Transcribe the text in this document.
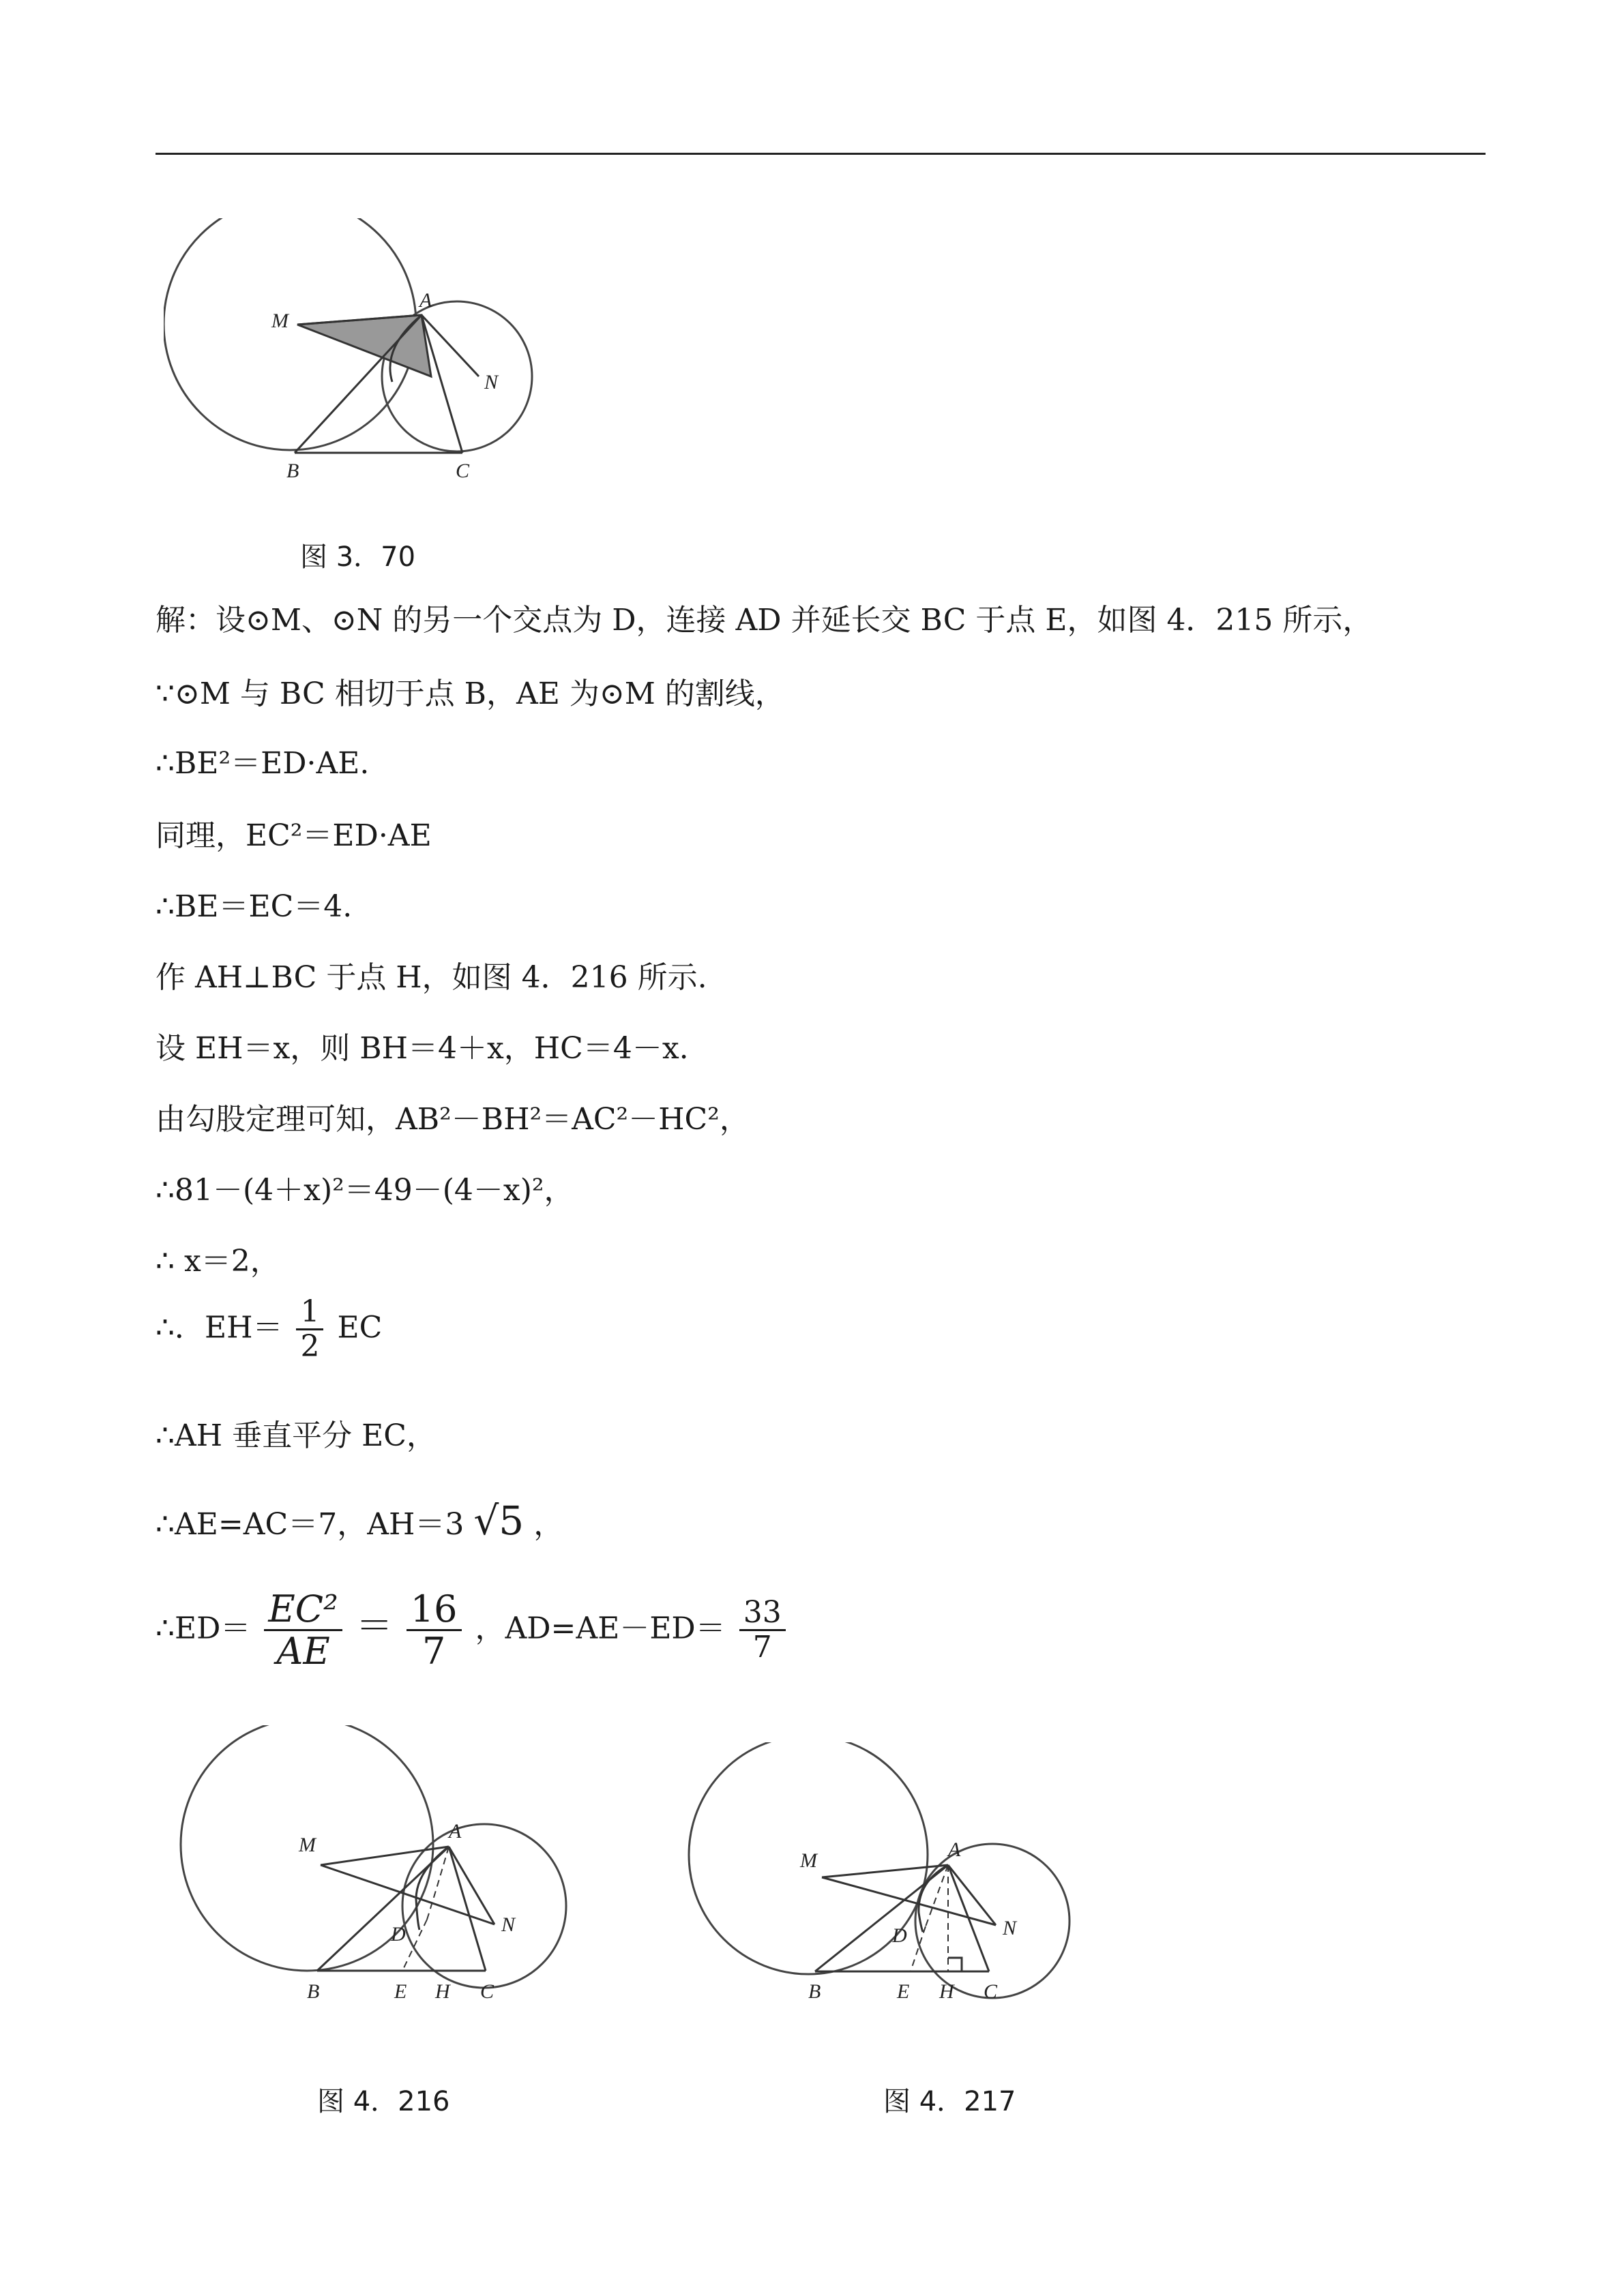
M
A
N
B	C
图 3．70
解：设⊙M、⊙N 的另一个交点为 D，连接 AD 并延长交 BC 于点 E，如图 4．215 所示，
∵⊙M 与 BC 相切于点 B，AE 为⊙M 的割线，
∴BE²＝ED·AE.
同理，EC²＝ED·AE
∴BE＝EC＝4.
作 AH⊥BC 于点 H，如图 4．216 所示.
设 EH＝x，则 BH＝4＋x，HC＝4－x.
由勾股定理可知，AB²－BH²＝AC²－HC²，
∴81－(4＋x)²＝49－(4－x)²，
∴ x＝2，
∴．$EH= \frac{1}{2}$ EC
∴AH 垂直平分 EC，
∴AE=AC＝7，AH＝3 √5 ，
∴ED＝ $\frac{\text{EC²}}{AE} = \frac{16}{7}$ ，$AD=AE-ED= \frac{33}{7}$
M
A
N
D
B	E H C
图 4．216
M	A
N
D
B	E H C
图 4．217
